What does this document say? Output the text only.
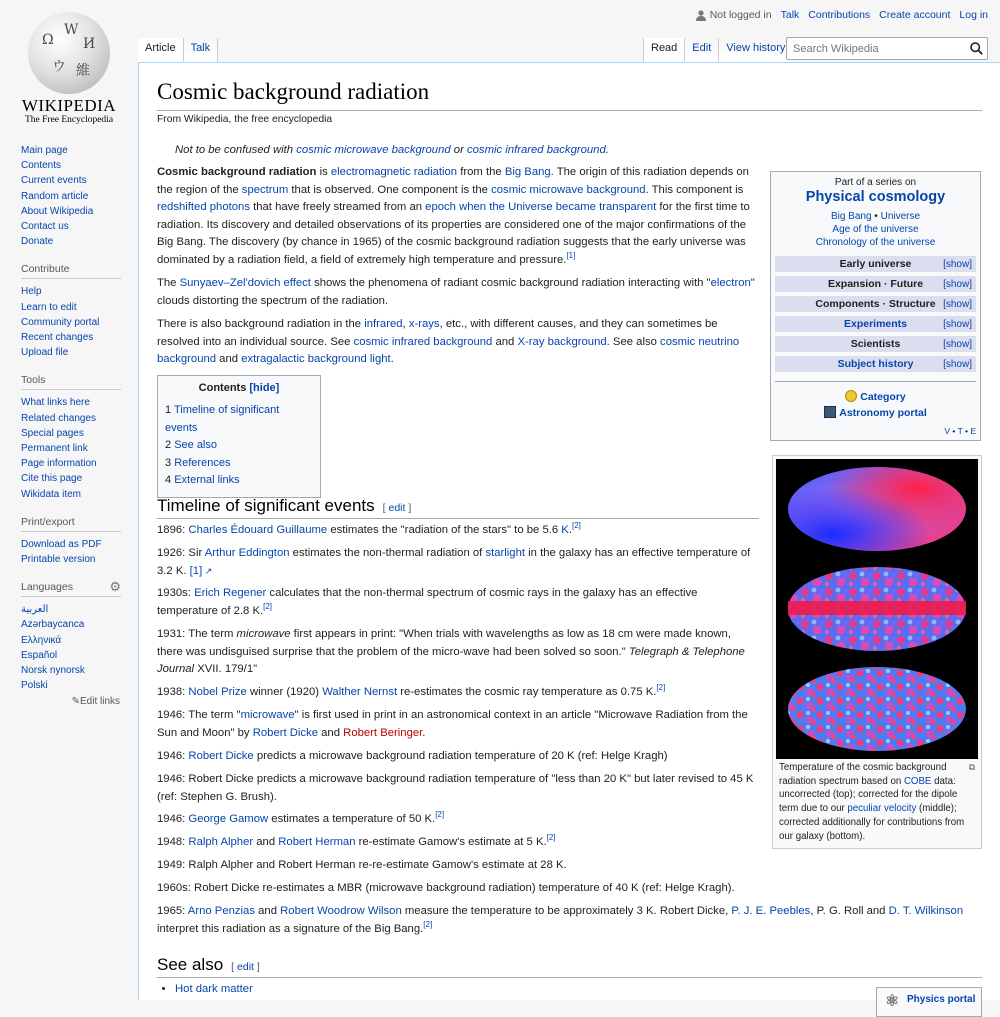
Ω
W
И
ウ 維
WIKIPEDIA
The Free Encyclopedia
Not logged in Talk Contributions Create account Log in
Article	Talk	Read	Edit	View history
Search Wikipedia
Main page
Contents
Current events
Random article
About Wikipedia
Contact us
Donate
Contribute
Help
Learn to edit
Community portal
Recent changes
Upload file
Tools
What links here
Related changes
Special pages
Permanent link
Page information
Cite this page
Wikidata item
Print/export
Download as PDF
Printable version
Languages	⚙
العربية
Azərbaycanca
Ελληνικά
Español
Norsk nynorsk
Polski
✎Edit links
Cosmic background radiation
From Wikipedia, the free encyclopedia
Not to be confused with cosmic microwave background or cosmic infrared background.
Part of a series on
Physical cosmology
Big Bang • Universe
Age of the universe
Chronology of the universe
Early universe	[show]
Expansion · Future [show]
Components · Structure [show]
Experiments	[show]
Scientists	[show]
Subject history	[show]
Category
Astronomy portal
V • T • E
⧉
Temperature of the cosmic background radiation spectrum based on COBE data: uncorrected (top); corrected for the dipole term due to our peculiar velocity (middle); corrected additionally for contributions from our galaxy (bottom).
Cosmic background radiation is electromagnetic radiation from the Big Bang. The origin of this radiation depends on the region of the spectrum that is observed. One component is the cosmic microwave background. This component is redshifted photons that have freely streamed from an epoch when the Universe became transparent for the first time to radiation. Its discovery and detailed observations of its properties are considered one of the major confirmations of the Big Bang. The discovery (by chance in 1965) of the cosmic background radiation suggests that the early universe was dominated by a radiation field, a field of extremely high temperature and pressure.[1]
The Sunyaev–Zel'dovich effect shows the phenomena of radiant cosmic background radiation interacting with "electron" clouds distorting the spectrum of the radiation.
There is also background radiation in the infrared, x-rays, etc., with different causes, and they can sometimes be resolved into an individual source. See cosmic infrared background and X-ray background. See also cosmic neutrino background and extragalactic background light.
Contents [hide]
1 Timeline of significant events
2 See also
3 References
4 External links
Timeline of significant events [ edit ]
1896: Charles Édouard Guillaume estimates the "radiation of the stars" to be 5.6 K.[2]
1926: Sir Arthur Eddington estimates the non-thermal radiation of starlight in the galaxy has an effective temperature of 3.2 K. [1] ↗
1930s: Erich Regener calculates that the non-thermal spectrum of cosmic rays in the galaxy has an effective temperature of 2.8 K.[2]
1931: The term microwave first appears in print: "When trials with wavelengths as low as 18 cm were made known, there was undisguised surprise that the problem of the micro-wave had been solved so soon." Telegraph & Telephone Journal XVII. 179/1"
1938: Nobel Prize winner (1920) Walther Nernst re-estimates the cosmic ray temperature as 0.75 K.[2]
1946: The term "microwave" is first used in print in an astronomical context in an article "Microwave Radiation from the Sun and Moon" by Robert Dicke and Robert Beringer.
1946: Robert Dicke predicts a microwave background radiation temperature of 20 K (ref: Helge Kragh)
1946: Robert Dicke predicts a microwave background radiation temperature of "less than 20 K" but later revised to 45 K (ref: Stephen G. Brush).
1946: George Gamow estimates a temperature of 50 K.[2]
1948: Ralph Alpher and Robert Herman re-estimate Gamow's estimate at 5 K.[2]
1949: Ralph Alpher and Robert Herman re-re-estimate Gamow's estimate at 28 K.
1960s: Robert Dicke re-estimates a MBR (microwave background radiation) temperature of 40 K (ref: Helge Kragh).
1965: Arno Penzias and Robert Woodrow Wilson measure the temperature to be approximately 3 K. Robert Dicke, P. J. E. Peebles, P. G. Roll and D. T. Wilkinson interpret this radiation as a signature of the Big Bang.[2]
See also [ edit ]
• Hot dark matter
⚛ Physics portal
